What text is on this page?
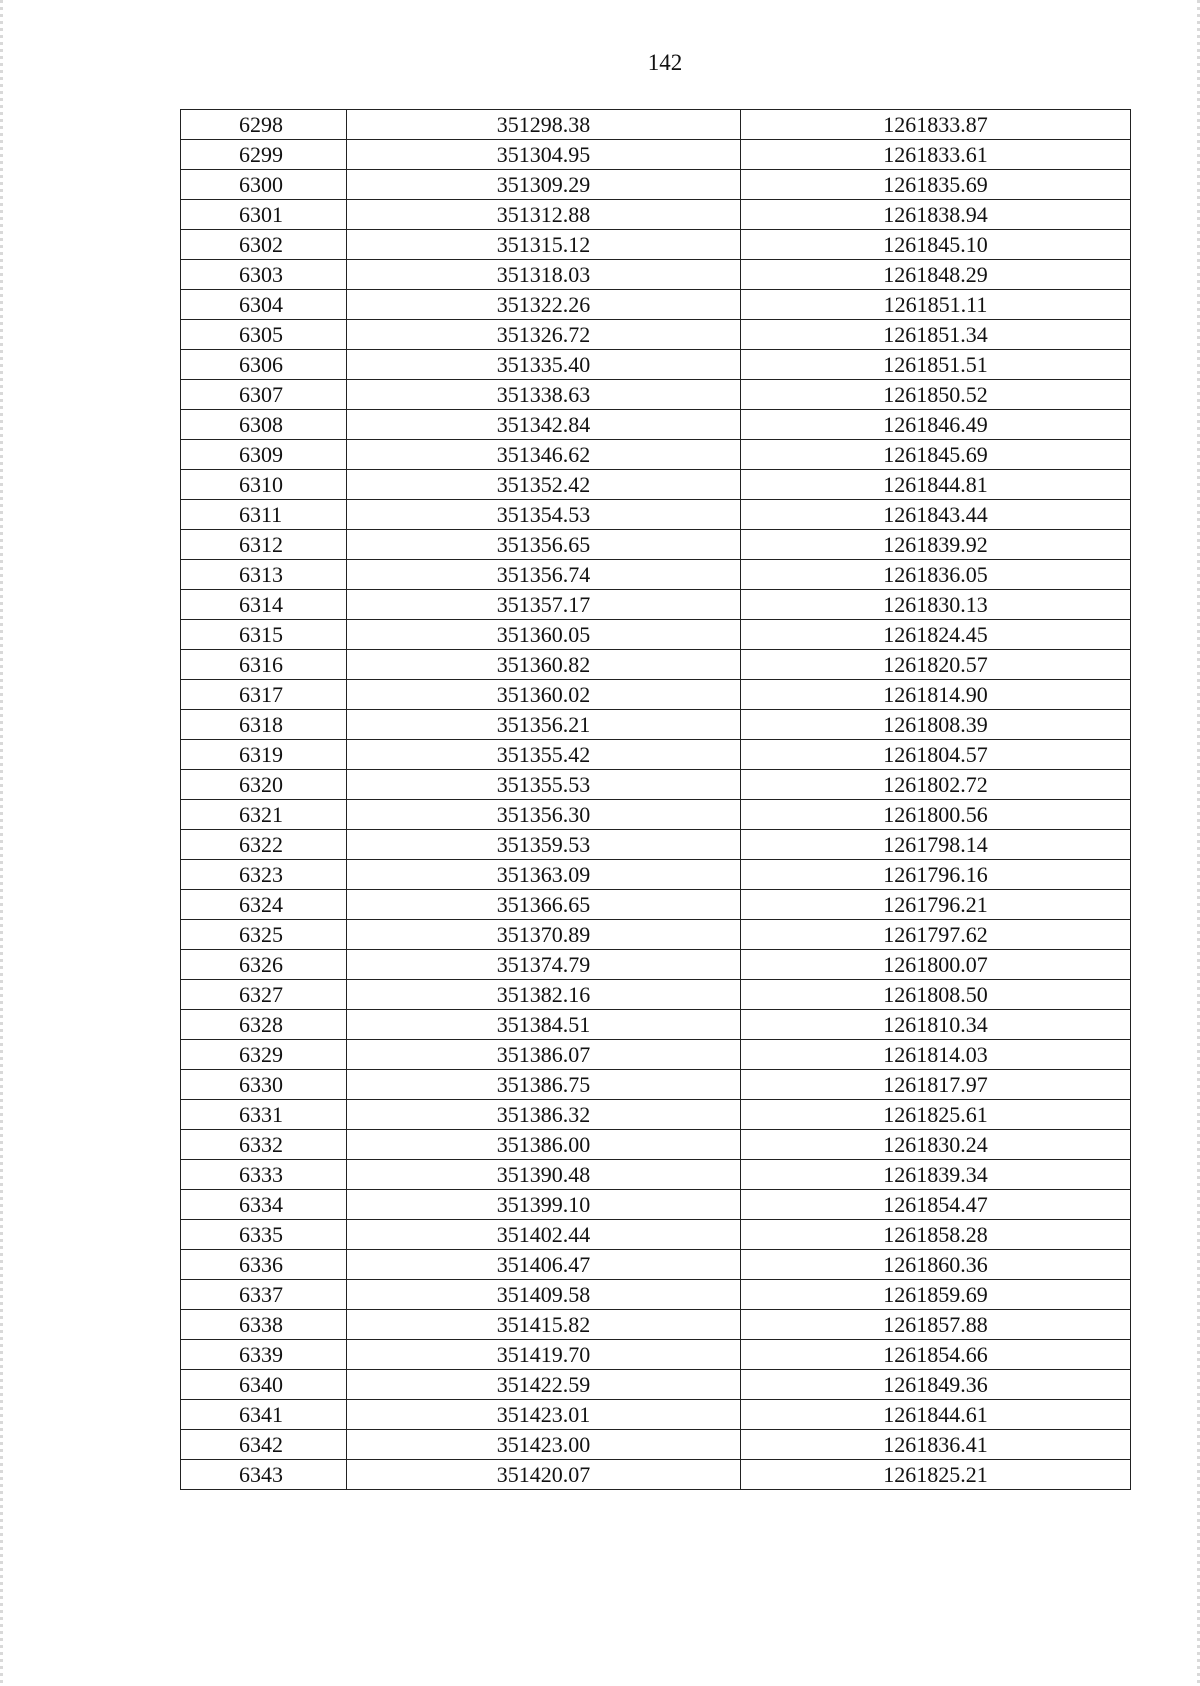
142
6298	351298.38	1261833.87
6299	351304.95	1261833.61
6300	351309.29	1261835.69
6301	351312.88	1261838.94
6302	351315.12	1261845.10
6303	351318.03	1261848.29
6304	351322.26	1261851.11
6305	351326.72	1261851.34
6306	351335.40	1261851.51
6307	351338.63	1261850.52
6308	351342.84	1261846.49
6309	351346.62	1261845.69
6310	351352.42	1261844.81
6311	351354.53	1261843.44
6312	351356.65	1261839.92
6313	351356.74	1261836.05
6314	351357.17	1261830.13
6315	351360.05	1261824.45
6316	351360.82	1261820.57
6317	351360.02	1261814.90
6318	351356.21	1261808.39
6319	351355.42	1261804.57
6320	351355.53	1261802.72
6321	351356.30	1261800.56
6322	351359.53	1261798.14
6323	351363.09	1261796.16
6324	351366.65	1261796.21
6325	351370.89	1261797.62
6326	351374.79	1261800.07
6327	351382.16	1261808.50
6328	351384.51	1261810.34
6329	351386.07	1261814.03
6330	351386.75	1261817.97
6331	351386.32	1261825.61
6332	351386.00	1261830.24
6333	351390.48	1261839.34
6334	351399.10	1261854.47
6335	351402.44	1261858.28
6336	351406.47	1261860.36
6337	351409.58	1261859.69
6338	351415.82	1261857.88
6339	351419.70	1261854.66
6340	351422.59	1261849.36
6341	351423.01	1261844.61
6342	351423.00	1261836.41
6343	351420.07	1261825.21
